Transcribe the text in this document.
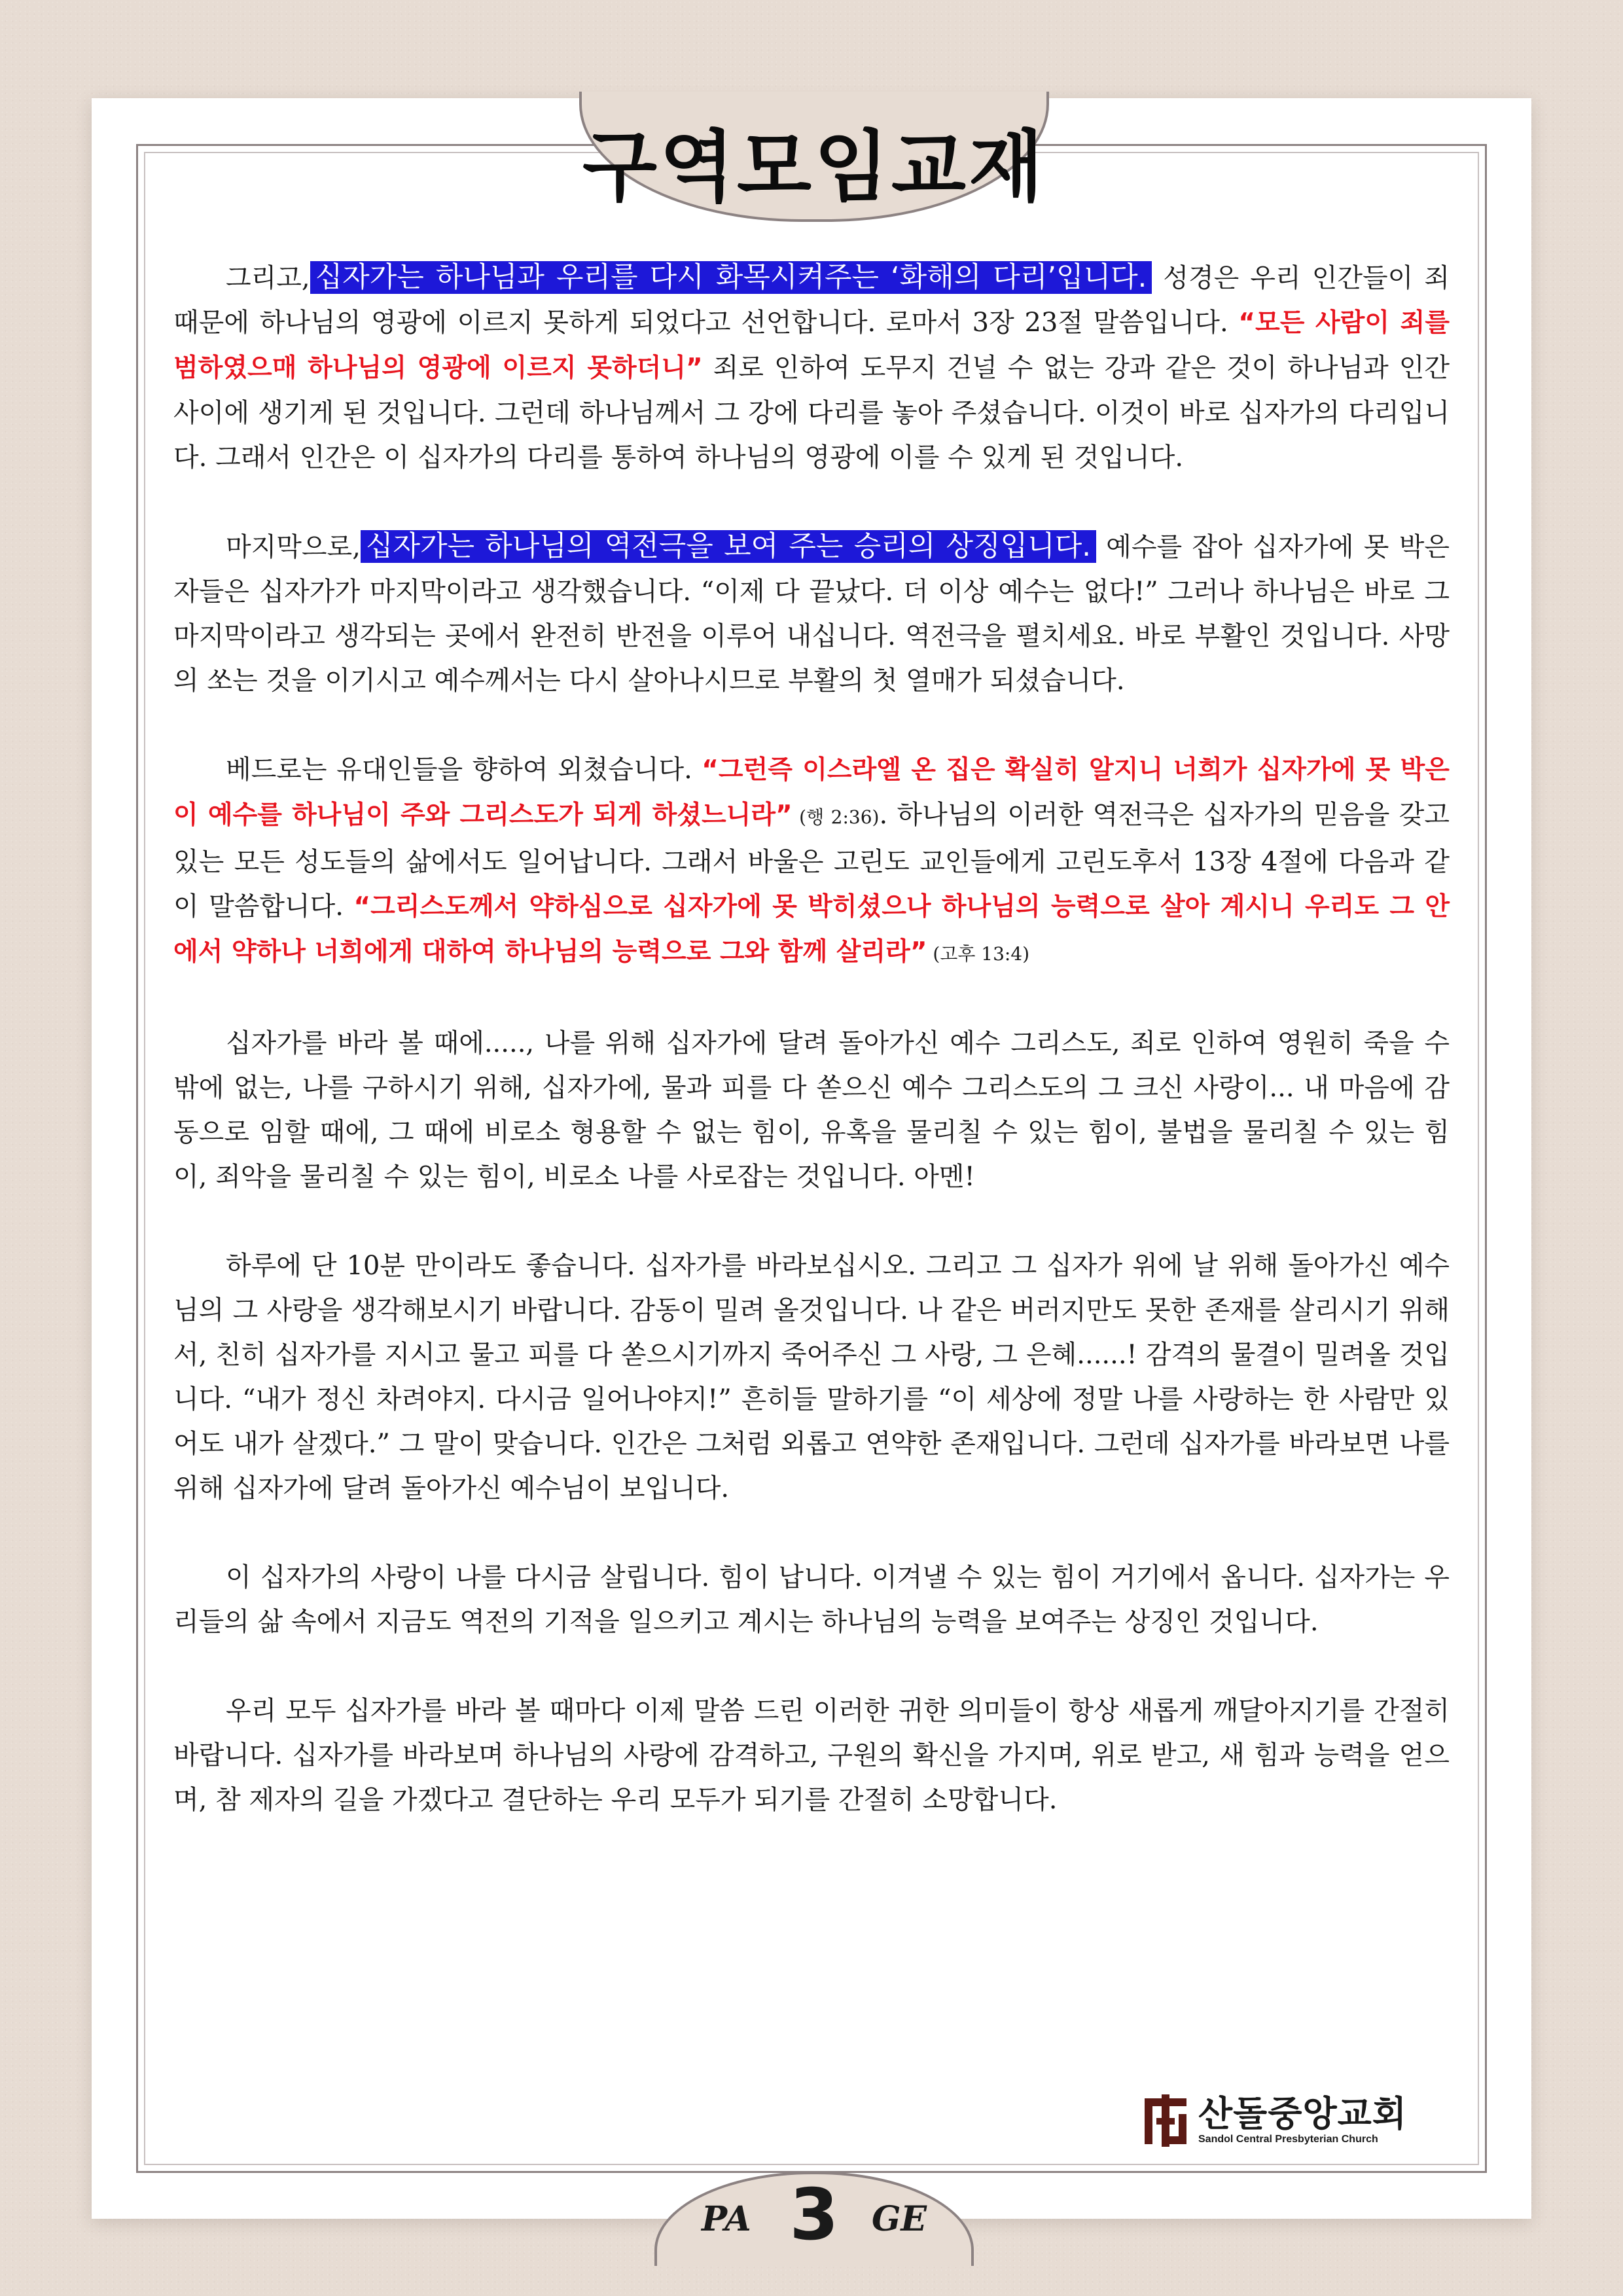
구역모임교재

그리고, 십자가는 하나님과 우리를 다시 화목시켜주는 ‘화해의 다리’입니다. 성경은 우리 인간들이 죄 때문에 하나님의 영광에 이르지 못하게 되었다고 선언합니다. 로마서 3장 23절 말씀입니다. “모든 사람이 죄를 범하였으매 하나님의 영광에 이르지 못하더니” 죄로 인하여 도무지 건널 수 없는 강과 같은 것이 하나님과 인간 사이에 생기게 된 것입니다. 그런데 하나님께서 그 강에 다리를 놓아 주셨습니다. 이것이 바로 십자가의 다리입니다. 그래서 인간은 이 십자가의 다리를 통하여 하나님의 영광에 이를 수 있게 된 것입니다.

마지막으로, 십자가는 하나님의 역전극을 보여 주는 승리의 상징입니다. 예수를 잡아 십자가에 못 박은 자들은 십자가가 마지막이라고 생각했습니다. “이제 다 끝났다. 더 이상 예수는 없다!” 그러나 하나님은 바로 그 마지막이라고 생각되는 곳에서 완전히 반전을 이루어 내십니다. 역전극을 펼치세요. 바로 부활인 것입니다. 사망의 쏘는 것을 이기시고 예수께서는 다시 살아나시므로 부활의 첫 열매가 되셨습니다.

베드로는 유대인들을 향하여 외쳤습니다. “그런즉 이스라엘 온 집은 확실히 알지니 너희가 십자가에 못 박은 이 예수를 하나님이 주와 그리스도가 되게 하셨느니라” (행 2:36). 하나님의 이러한 역전극은 십자가의 믿음을 갖고있는 모든 성도들의 삶에서도 일어납니다. 그래서 바울은 고린도 교인들에게 고린도후서 13장 4절에 다음과 같이 말씀합니다. “그리스도께서 약하심으로 십자가에 못 박히셨으나 하나님의 능력으로 살아 계시니 우리도 그 안에서 약하나 너희에게 대하여 하나님의 능력으로 그와 함께 살리라” (고후 13:4)

십자가를 바라 볼 때에....., 나를 위해 십자가에 달려 돌아가신 예수 그리스도, 죄로 인하여 영원히 죽을 수 밖에 없는, 나를 구하시기 위해, 십자가에, 물과 피를 다 쏟으신 예수 그리스도의 그 크신 사랑이... 내 마음에 감동으로 임할 때에, 그 때에 비로소 형용할 수 없는 힘이, 유혹을 물리칠 수 있는 힘이, 불법을 물리칠 수 있는 힘이, 죄악을 물리칠 수 있는 힘이, 비로소 나를 사로잡는 것입니다. 아멘!

하루에 단 10분 만이라도 좋습니다. 십자가를 바라보십시오. 그리고 그 십자가 위에 날 위해 돌아가신 예수님의 그 사랑을 생각해보시기 바랍니다. 감동이 밀려 올것입니다. 나 같은 버러지만도 못한 존재를 살리시기 위해서, 친히 십자가를 지시고 물고 피를 다 쏟으시기까지 죽어주신 그 사랑, 그 은혜......! 감격의 물결이 밀려올 것입니다. “내가 정신 차려야지. 다시금 일어나야지!” 흔히들 말하기를 “이 세상에 정말 나를 사랑하는 한 사람만 있어도 내가 살겠다.” 그 말이 맞습니다. 인간은 그처럼 외롭고 연약한 존재입니다. 그런데 십자가를 바라보면 나를 위해 십자가에 달려 돌아가신 예수님이 보입니다.

이 십자가의 사랑이 나를 다시금 살립니다. 힘이 납니다. 이겨낼 수 있는 힘이 거기에서 옵니다. 십자가는 우리들의 삶 속에서 지금도 역전의 기적을 일으키고 계시는 하나님의 능력을 보여주는 상징인 것입니다.

우리 모두 십자가를 바라 볼 때마다 이제 말씀 드린 이러한 귀한 의미들이 항상 새롭게 깨달아지기를 간절히 바랍니다. 십자가를 바라보며 하나님의 사랑에 감격하고, 구원의 확신을 가지며, 위로 받고, 새 힘과 능력을 얻으며, 참 제자의 길을 가겠다고 결단하는 우리 모두가 되기를 간절히 소망합니다.

산돌중앙교회
Sandol Central Presbyterian Church
PA 3 GE
